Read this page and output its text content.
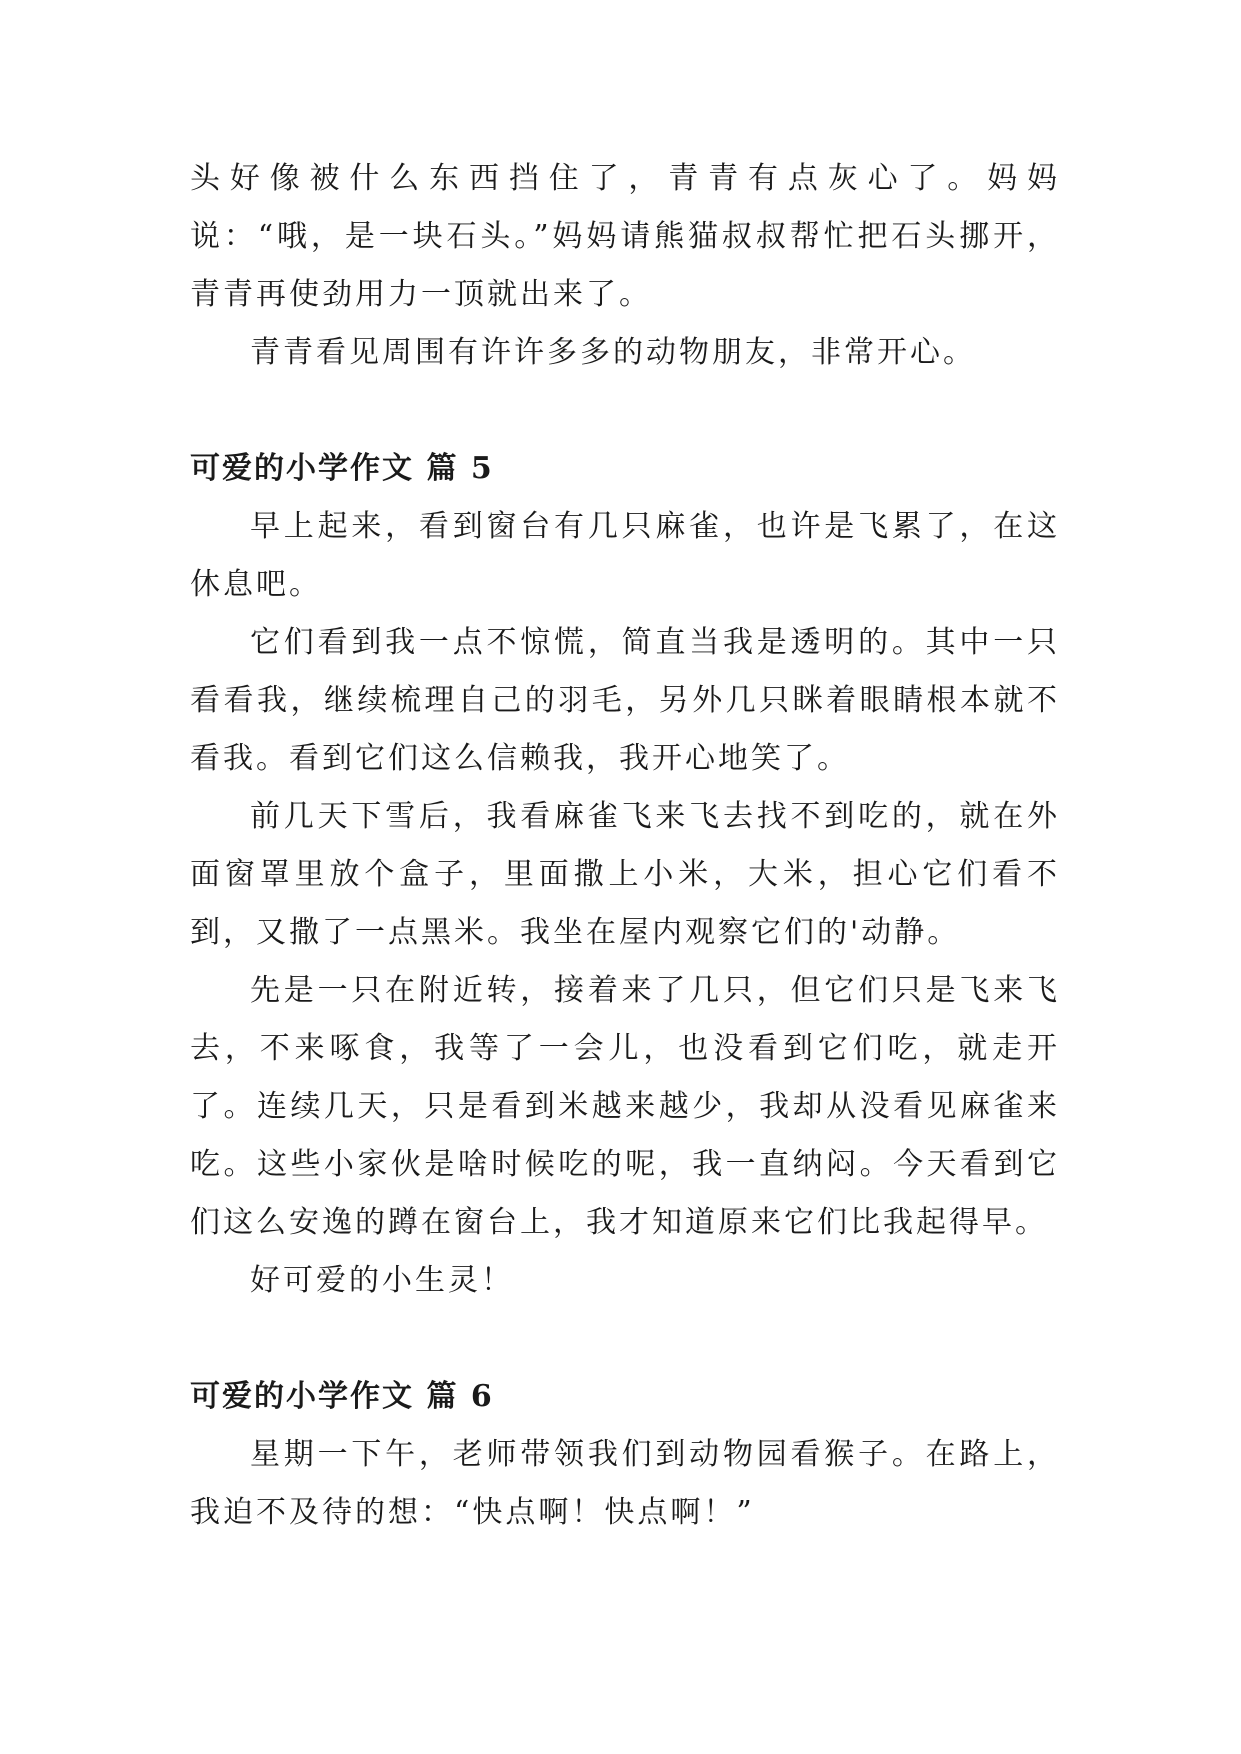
头好像被什么东西挡住了，青青有点灰心了。妈妈说：“哦，是一块石头。”妈妈请熊猫叔叔帮忙把石头挪开，青青再使劲用力一顶就出来了。

青青看见周围有许许多多的动物朋友，非常开心。

可爱的小学作文 篇 5

早上起来，看到窗台有几只麻雀，也许是飞累了，在这休息吧。

它们看到我一点不惊慌，简直当我是透明的。其中一只看看我，继续梳理自己的羽毛，另外几只眯着眼睛根本就不看我。看到它们这么信赖我，我开心地笑了。

前几天下雪后，我看麻雀飞来飞去找不到吃的，就在外面窗罩里放个盒子，里面撒上小米，大米，担心它们看不到，又撒了一点黑米。我坐在屋内观察它们的'动静。

先是一只在附近转，接着来了几只，但它们只是飞来飞去，不来啄食，我等了一会儿，也没看到它们吃，就走开了。连续几天，只是看到米越来越少，我却从没看见麻雀来吃。这些小家伙是啥时候吃的呢，我一直纳闷。今天看到它们这么安逸的蹲在窗台上，我才知道原来它们比我起得早。

好可爱的小生灵！

可爱的小学作文 篇 6

星期一下午，老师带领我们到动物园看猴子。在路上，我迫不及待的想：“快点啊！快点啊！”
